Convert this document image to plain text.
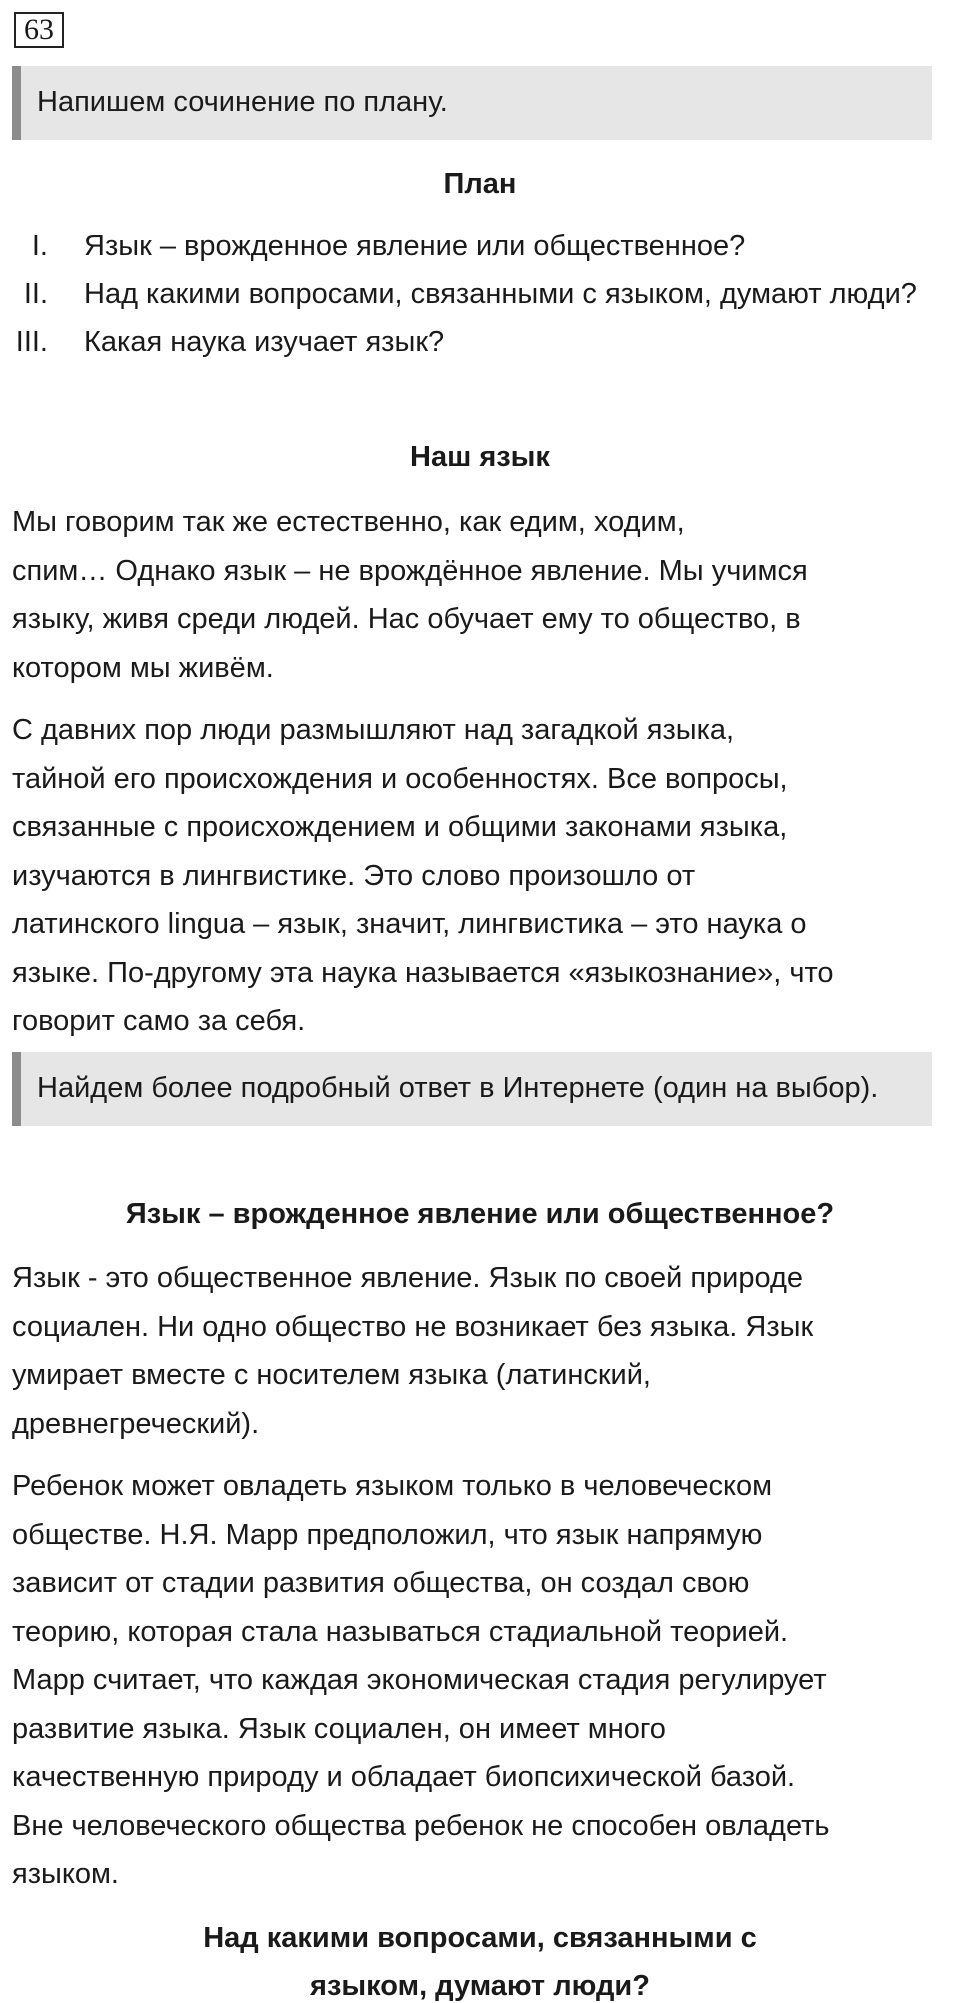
63
Напишем сочинение по плану.
План
I. Язык – врожденное явление или общественное?
II. Над какими вопросами, связанными с языком, думают люди?
III. Какая наука изучает язык?
Наш язык

Мы говорим так же естественно, как едим, ходим,
спим… Однако язык – не врождённое явление. Мы учимся
языку, живя среди людей. Нас обучает ему то общество, в
котором мы живём.

С давних пор люди размышляют над загадкой языка,
тайной его происхождения и особенностях. Все вопросы,
связанные с происхождением и общими законами языка,
изучаются в лингвистике. Это слово произошло от
латинского lingua – язык, значит, лингвистика – это наука о
языке. По-другому эта наука называется «языкознание», что
говорит само за себя.

Найдем более подробный ответ в Интернете (один на выбор).
Язык – врожденное явление или общественное?

Язык - это общественное явление. Язык по своей природе
социален. Ни одно общество не возникает без языка. Язык
умирает вместе с носителем языка (латинский,
древнегреческий).

Ребенок может овладеть языком только в человеческом
обществе. Н.Я. Марр предположил, что язык напрямую
зависит от стадии развития общества, он создал свою
теорию, которая стала называться стадиальной теорией.
Марр считает, что каждая экономическая стадия регулирует
развитие языка. Язык социален, он имеет много
качественную природу и обладает биопсихической базой.
Вне человеческого общества ребенок не способен овладеть
языком.

Над какими вопросами, связанными с языком, думают люди?
